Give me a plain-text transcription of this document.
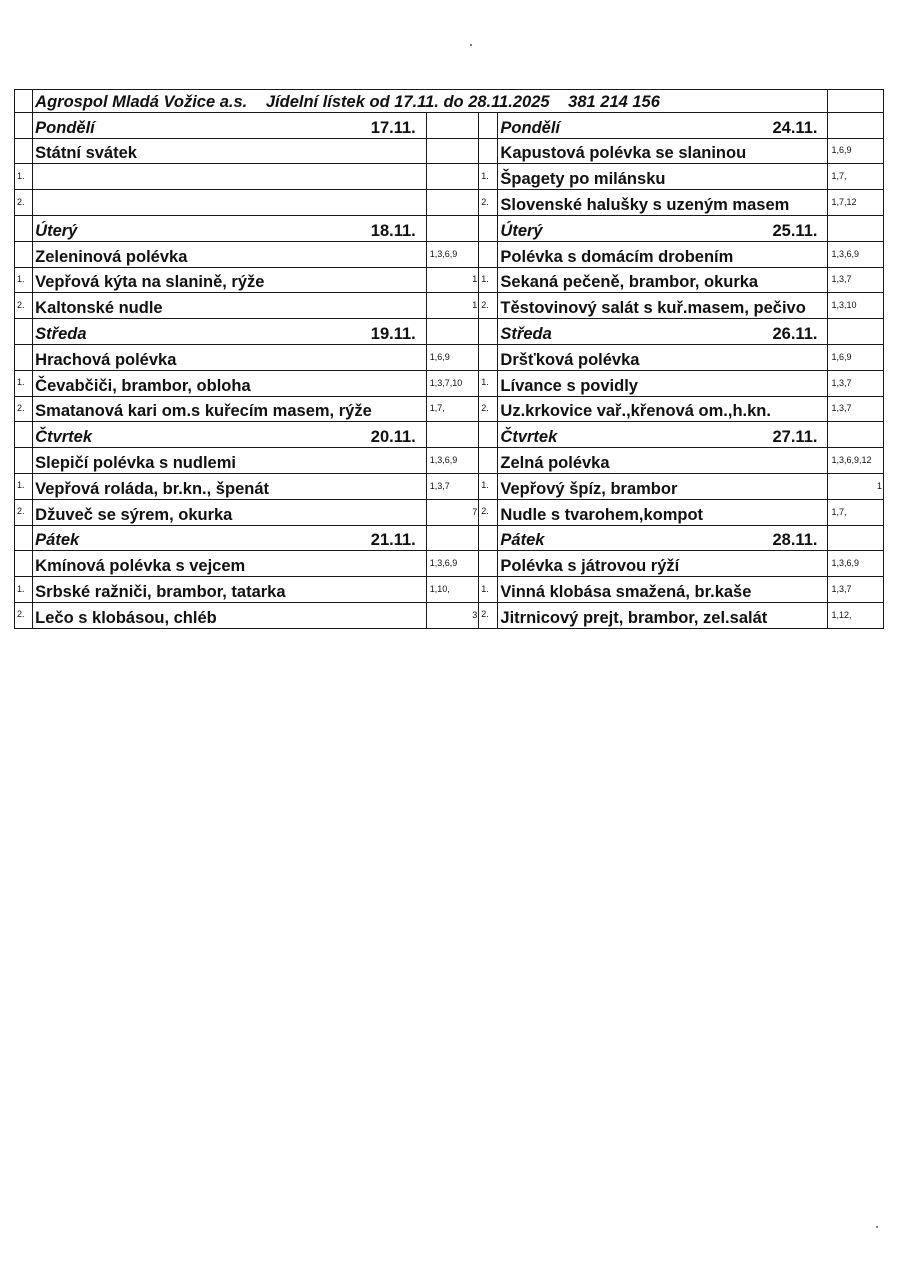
	Agrospol Mladá Vožice a.s. Jídelní lístek od 17.11. do 28.11.2025 381 214 156				
	Pondělí 17.11.			Pondělí 24.11.	

	Státní svátek			Kapustová polévka se slaninou	1,6,9
1.			1.	Špagety po milánsku	1,7,
2.			2.	Slovenské halušky s uzeným masem	1,7,12
	Úterý 18.11.			Úterý 25.11.	

	Zeleninová polévka	1,3,6,9		Polévka s domácím drobením	1,3,6,9
1.	Vepřová kýta na slanině, rýže	1	1.	Sekaná pečeně, brambor, okurka	1,3,7
2.	Kaltonské nudle	1	2.	Těstovinový salát s kuř.masem, pečivo	1,3,10
	Středa 19.11.			Středa 26.11.	

	Hrachová polévka	1,6,9		Dršťková polévka	1,6,9
1.	Čevabčiči, brambor, obloha	1,3,7,10	1.	Lívance s povidly	1,3,7
2.	Smatanová kari om.s kuřecím masem, rýže	1,7,	2.	Uz.krkovice vař.,křenová om.,h.kn.	1,3,7
	Čtvrtek 20.11.			Čtvrtek 27.11.	

	Slepičí polévka s nudlemi	1,3,6,9		Zelná polévka	1,3,6,9,12
1.	Vepřová roláda, br.kn., špenát	1,3,7	1.	Vepřový špíz, brambor	1
2.	Džuveč se sýrem, okurka	7	2.	Nudle s tvarohem,kompot	1,7,
	Pátek 21.11.			Pátek 28.11.	

	Kmínová polévka s vejcem	1,3,6,9		Polévka s játrovou rýží	1,3,6,9
1.	Srbské ražniči, brambor, tatarka	1,10,	1.	Vinná klobása smažená, br.kaše	1,3,7
2.	Lečo s klobásou, chléb	3	2.	Jitrnicový prejt, brambor, zel.salát	1,12,
